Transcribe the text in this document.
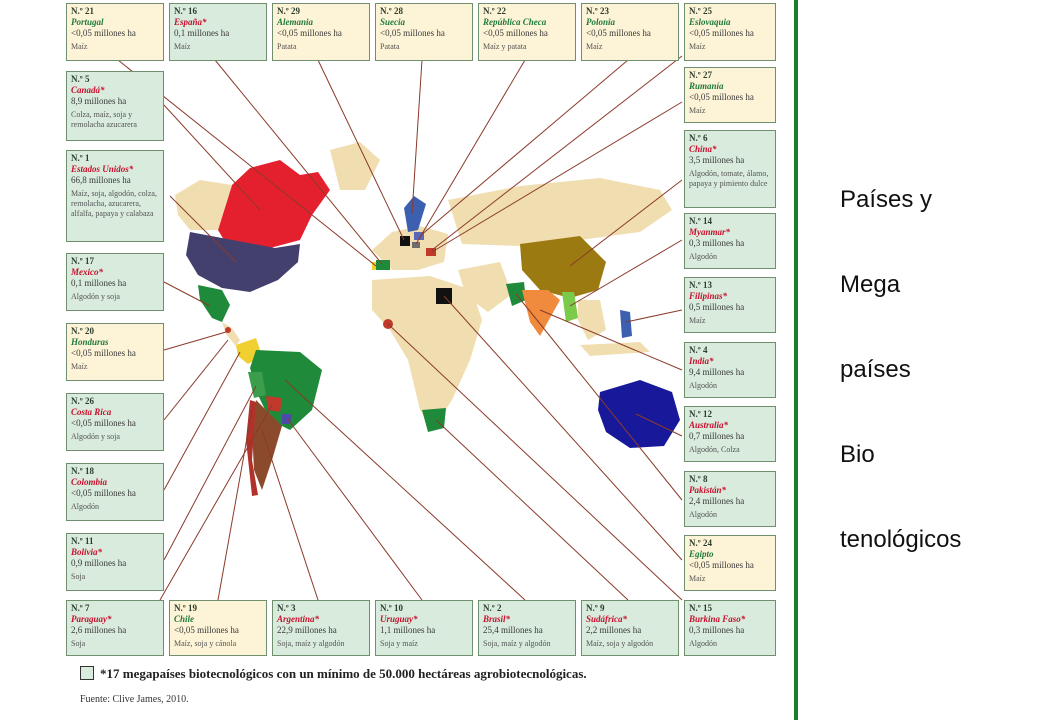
N.º 21
Portugal
<0,05 millones ha
Maíz
N.º 16
España*
0,1 millones ha
Maíz
N.º 29
Alemania
<0,05 millones ha
Patata
N.º 28
Suecia
<0,05 millones ha
Patata
N.º 22
República Checa
<0,05 millones ha
Maíz y patata
N.º 23
Polonia
<0,05 millones ha
Maíz
N.º 25
Eslovaquia
<0,05 millones ha
Maíz
N.º 5
Canadá*
8,9 millones ha
Colza, maíz, soja y remolacha azucarera
N.º 1
Estados Unidos*
66,8 millones ha
Maíz, soja, algodón, colza, remolacha, azucarera, alfalfa, papaya y calabaza
N.º 17
Mexico*
0,1 millones ha
Algodón y soja
N.º 20
Honduras
<0,05 millones ha
Maíz
N.º 26
Costa Rica
<0,05 millones ha
Algodón y soja
N.º 18
Colombia
<0,05 millones ha
Algodón
N.º 11
Bolivia*
0,9 millones ha
Soja
N.º 27
Rumanía
<0,05 millones ha
Maíz
N.º 6
China*
3,5 millones ha
Algodón, tomate, álamo, papaya y pimiento dulce
N.º 14
Myanmar*
0,3 millones ha
Algodón
N.º 13
Filipinas*
0,5 millones ha
Maíz
N.º 4
India*
9,4 millones ha
Algodón
N.º 12
Australia*
0,7 millones ha
Algodón, Colza
N.º 8
Pakistán*
2,4 millones ha
Algodón
N.º 24
Egipto
<0,05 millones ha
Maíz
N.º 7
Paraguay*
2,6 millones ha
Soja
N.º 19
Chile
<0,05 millones ha
Maíz, soja y cánola
N.º 3
Argentina*
22,9 millones ha
Soja, maíz y algodón
N.º 10
Uruguay*
1,1 millones ha
Soja y maíz
N.º 2
Brasil*
25,4 millones ha
Soja, maíz y algodón
N.º 9
Sudáfrica*
2,2 millones ha
Maíz, soja y algodón
N.º 15
Burkina Faso*
0,3 millones ha
Algodón
*17 megapaíses biotecnológicos con un mínimo de 50.000 hectáreas agrobiotecnológicas.
Fuente: Clive James, 2010.
Países y
Mega
países
Bio
tenológicos
